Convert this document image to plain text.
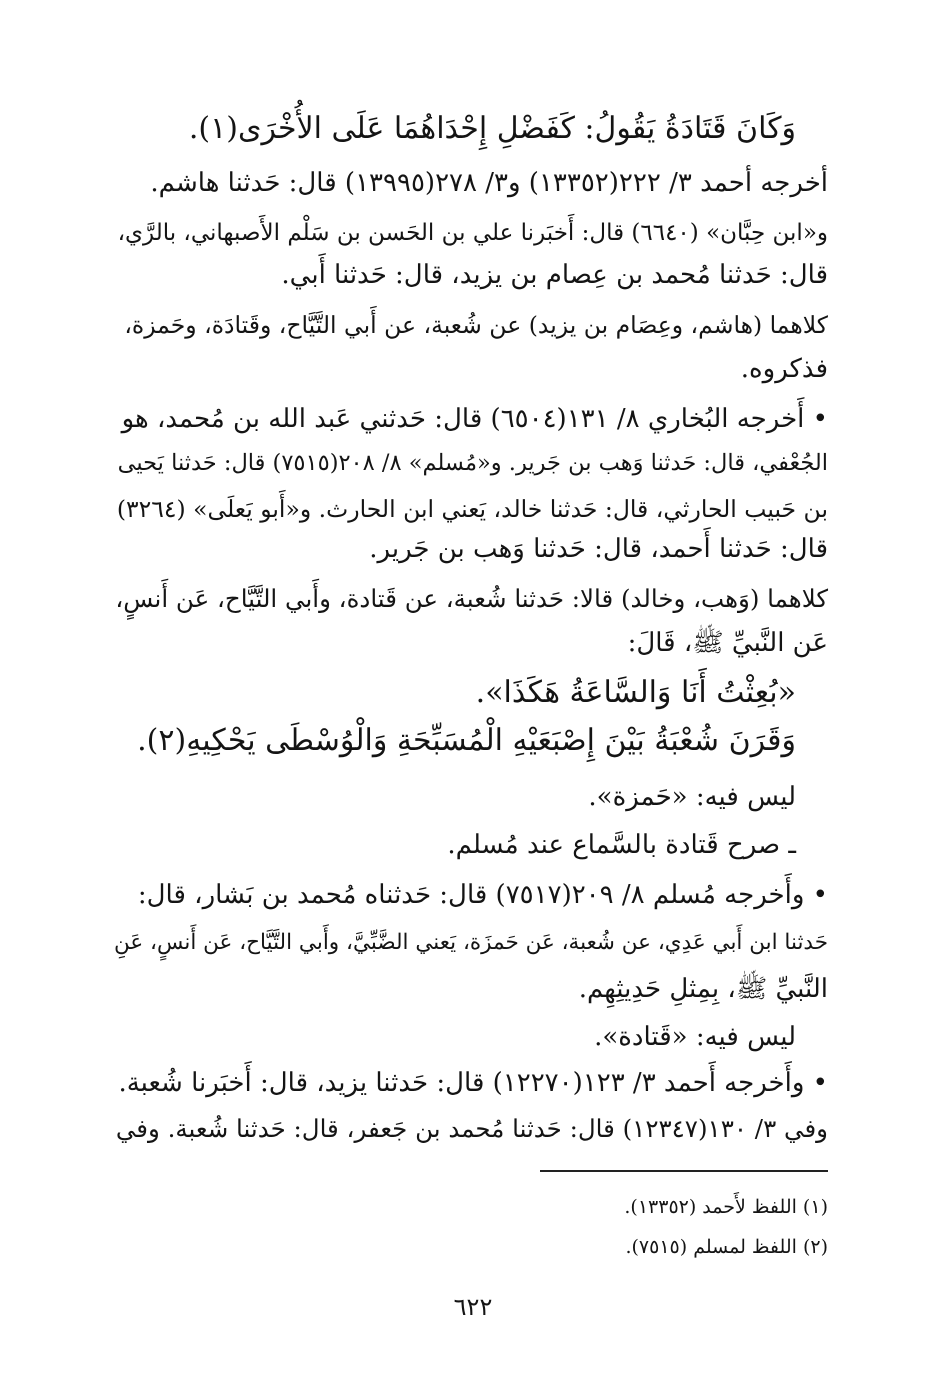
وَكَانَ قَتَادَةُ يَقُولُ: كَفَضْلِ إِحْدَاهُمَا عَلَى الأُخْرَى(١).
أخرجه أحمد ٣/ ٢٢٢(١٣٣٥٢) و٣/ ٢٧٨(١٣٩٩٥) قال: حَدثنا هاشم.
و«ابن حِبَّان» (٦٦٤٠) قال: أَخبَرنا علي بن الحَسن بن سَلْم الأَصبهاني، بالرَّي،
قال: حَدثنا مُحمد بن عِصام بن يزيد، قال: حَدثنا أَبي.
كلاهما (هاشم، وعِصَام بن يزيد) عن شُعبة، عن أَبي التَّيَّاح، وقَتادَة، وحَمزة،
فذكروه.
• أَخرجه البُخاري ٨/ ١٣١(٦٥٠٤) قال: حَدثني عَبد الله بن مُحمد، هو
الجُعْفي، قال: حَدثنا وَهب بن جَرير. و«مُسلم» ٨/ ٢٠٨(٧٥١٥) قال: حَدثنا يَحيى
بن حَبيب الحارثي، قال: حَدثنا خالد، يَعني ابن الحارث. و«أَبو يَعلَى» (٣٢٦٤)
قال: حَدثنا أَحمد، قال: حَدثنا وَهب بن جَرير.
كلاهما (وَهب، وخالد) قالا: حَدثنا شُعبة، عن قَتادة، وأَبي التَّيَّاح، عَن أَنسٍ،
عَن النَّبيِّ ﷺ، قَالَ:
«بُعِثْتُ أَنَا وَالسَّاعَةُ هَكَذَا».
وَقَرَنَ شُعْبَةُ بَيْنَ إِصْبَعَيْهِ الْمُسَبِّحَةِ وَالْوُسْطَى يَحْكِيهِ(٢).
ليس فيه: «حَمزة».
ـ صرح قَتادة بالسَّماع عند مُسلم.
• وأَخرجه مُسلم ٨/ ٢٠٩(٧٥١٧) قال: حَدثناه مُحمد بن بَشار، قال:
حَدثنا ابن أَبي عَدِي، عن شُعبة، عَن حَمزَة، يَعني الضَّبِّيَّ، وأَبي التَّيَّاح، عَن أَنسٍ، عَنِ
النَّبيِّ ﷺ، بِمِثلِ حَدِيثِهِم.
ليس فيه: «قَتادة».
• وأَخرجه أَحمد ٣/ ١٢٣(١٢٢٧٠) قال: حَدثنا يزيد، قال: أَخبَرنا شُعبة.
وفي ٣/ ١٣٠(١٢٣٤٧) قال: حَدثنا مُحمد بن جَعفر، قال: حَدثنا شُعبة. وفي
(١) اللفظ لأَحمد (١٣٣٥٢).
(٢) اللفظ لمسلم (٧٥١٥).
٦٢٢
